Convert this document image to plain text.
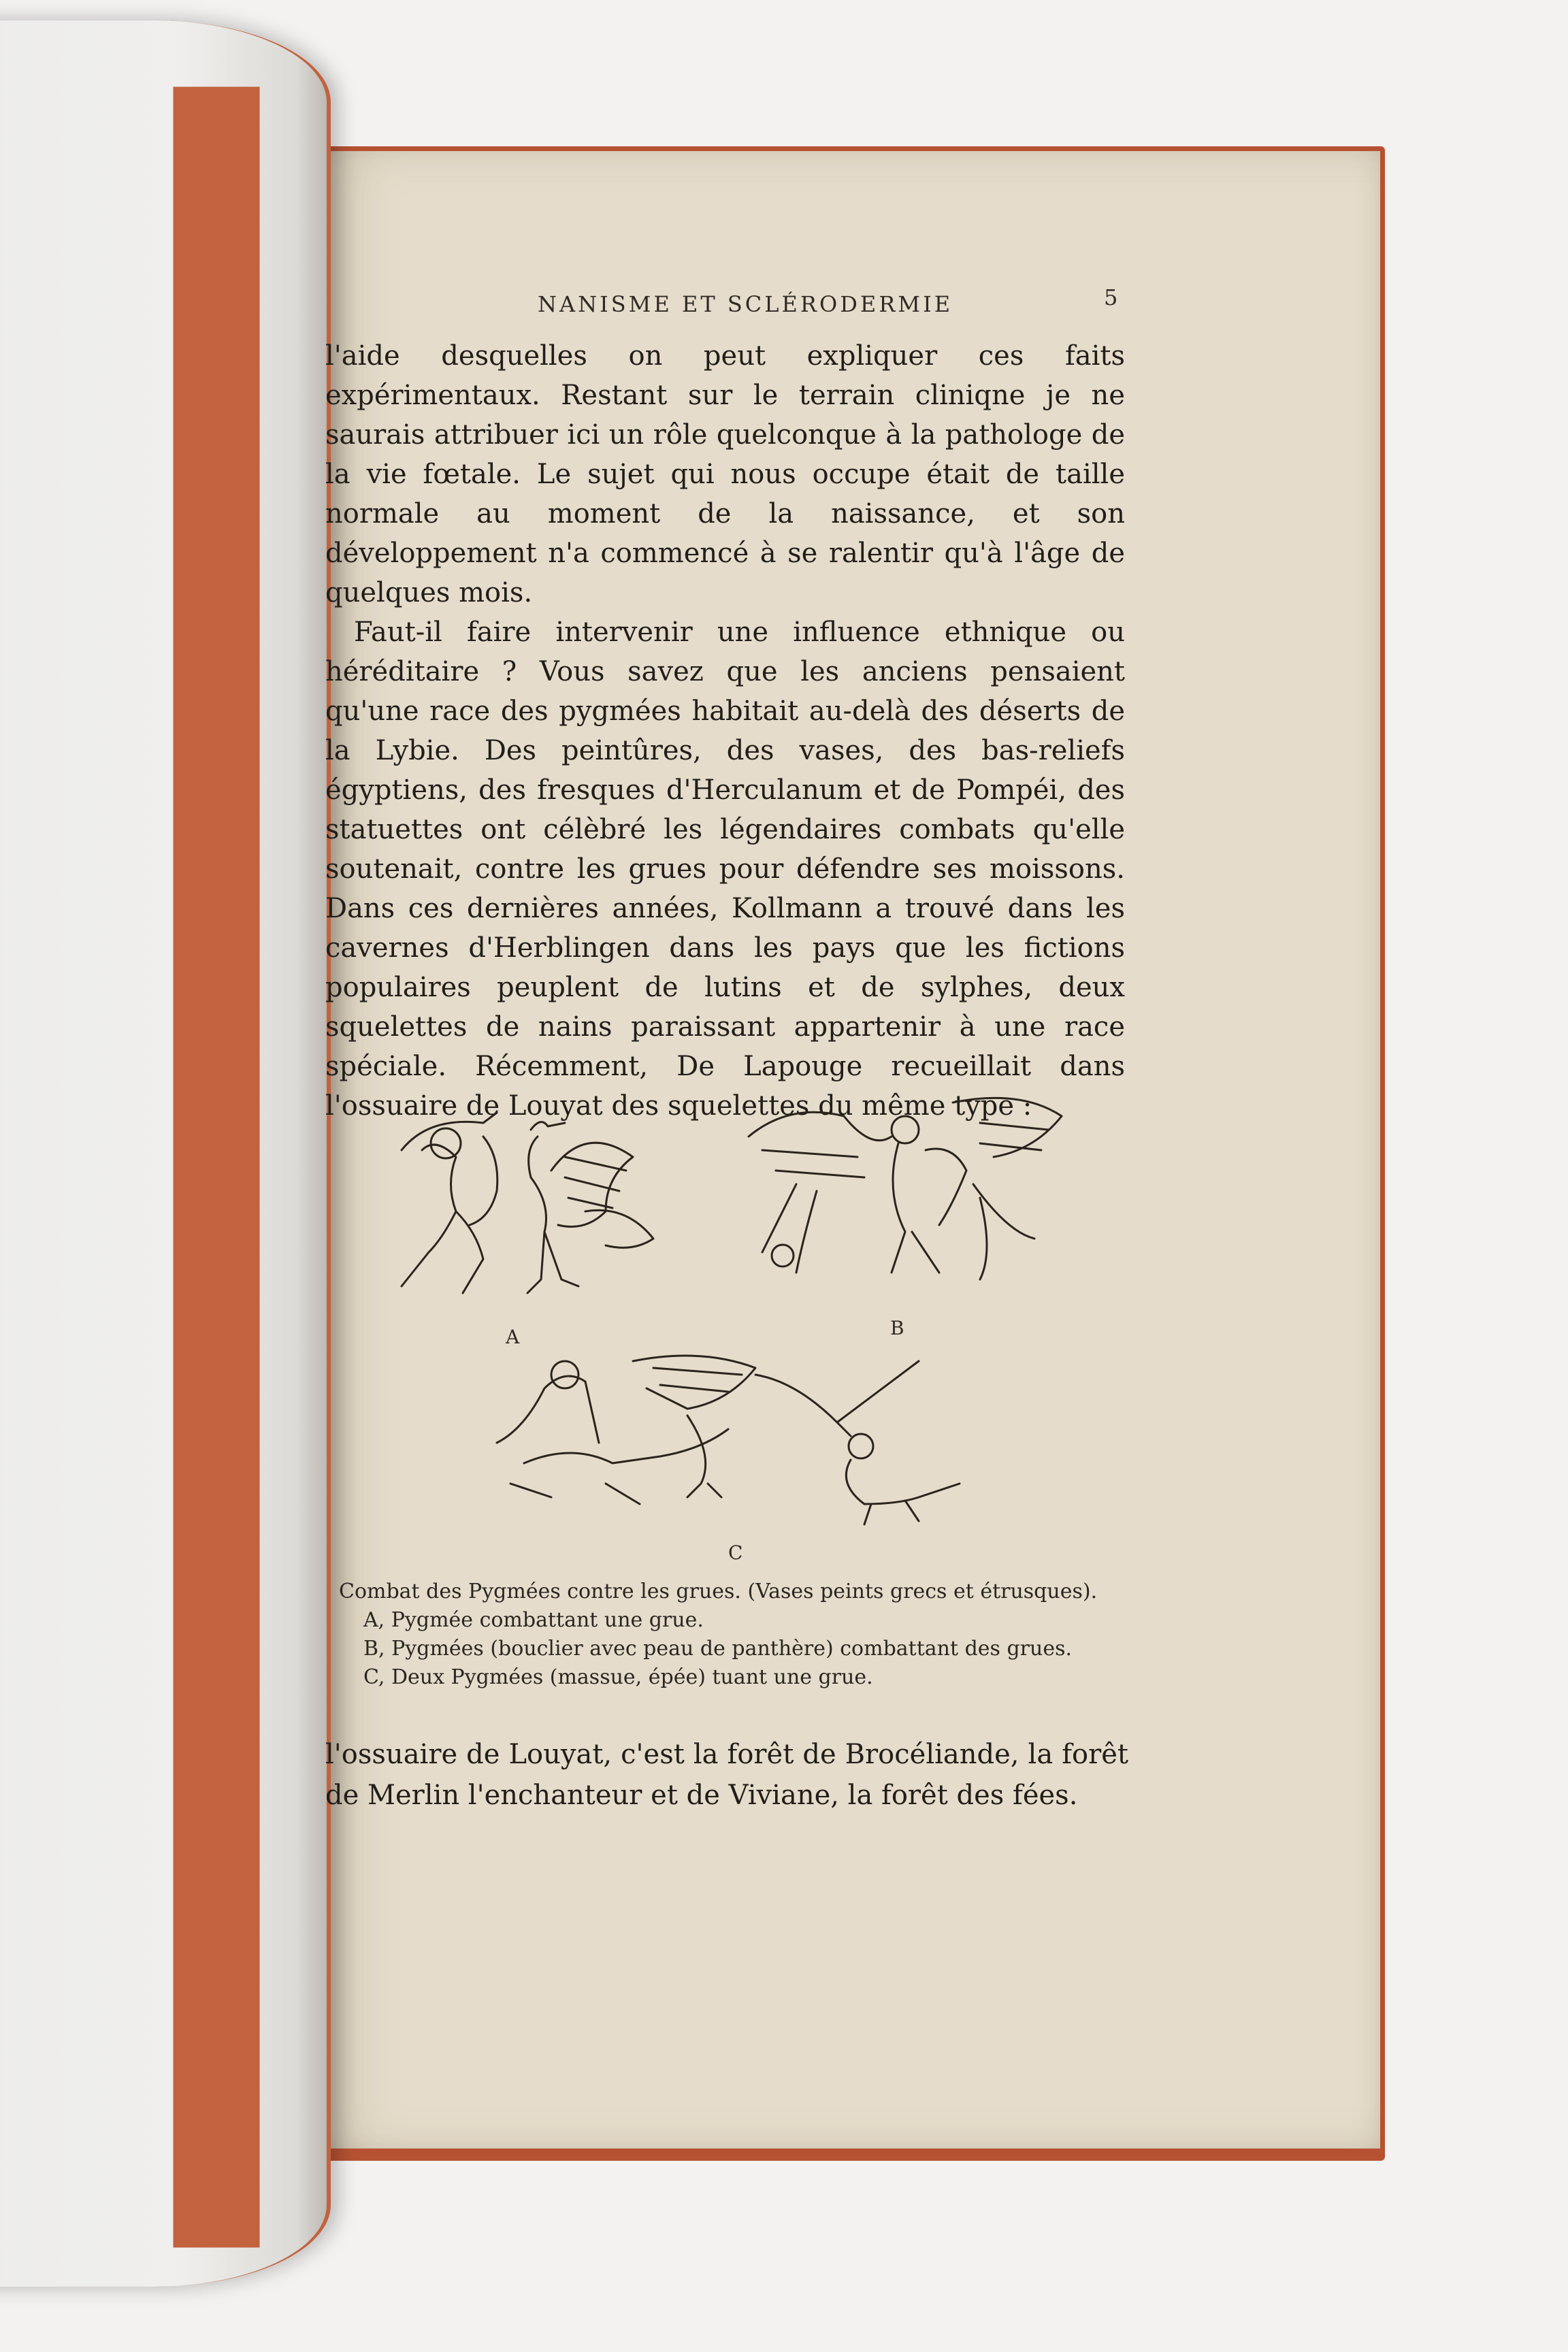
NANISME ET SCLÉRODERMIE	5

l'aide desquelles on peut expliquer ces faits expérimentaux. Restant sur le terrain cliniqne je ne saurais attribuer ici un rôle quelconque à la pathologe de la vie fœtale. Le sujet qui nous occupe était de taille normale au moment de la naissance, et son développement n'a commencé à se ralentir qu'à l'âge de quelques mois.

Faut-il faire intervenir une influence ethnique ou héréditaire ? Vous savez que les anciens pensaient qu'une race des pygmées habitait au-delà des déserts de la Lybie. Des peintûres, des vases, des bas-reliefs égyptiens, des fresques d'Herculanum et de Pompéi, des statuettes ont célèbré les légendaires combats qu'elle soutenait, contre les grues pour défendre ses moissons. Dans ces dernières années, Kollmann a trouvé dans les cavernes d'Herblingen dans les pays que les fictions populaires peuplent de lutins et de sylphes, deux squelettes de nains paraissant appartenir à une race spéciale. Récemment, De Lapouge recueillait dans l'ossuaire de Louyat des squelettes du même type :

A	B
C
Combat des Pygmées contre les grues. (Vases peints grecs et étrusques).
A, Pygmée combattant une grue.
B, Pygmées (bouclier avec peau de panthère) combattant des grues.
C, Deux Pygmées (massue, épée) tuant une grue.
l'ossuaire de Louyat, c'est la forêt de Brocéliande, la forêt de Merlin l'enchanteur et de Viviane, la forêt des fées.
